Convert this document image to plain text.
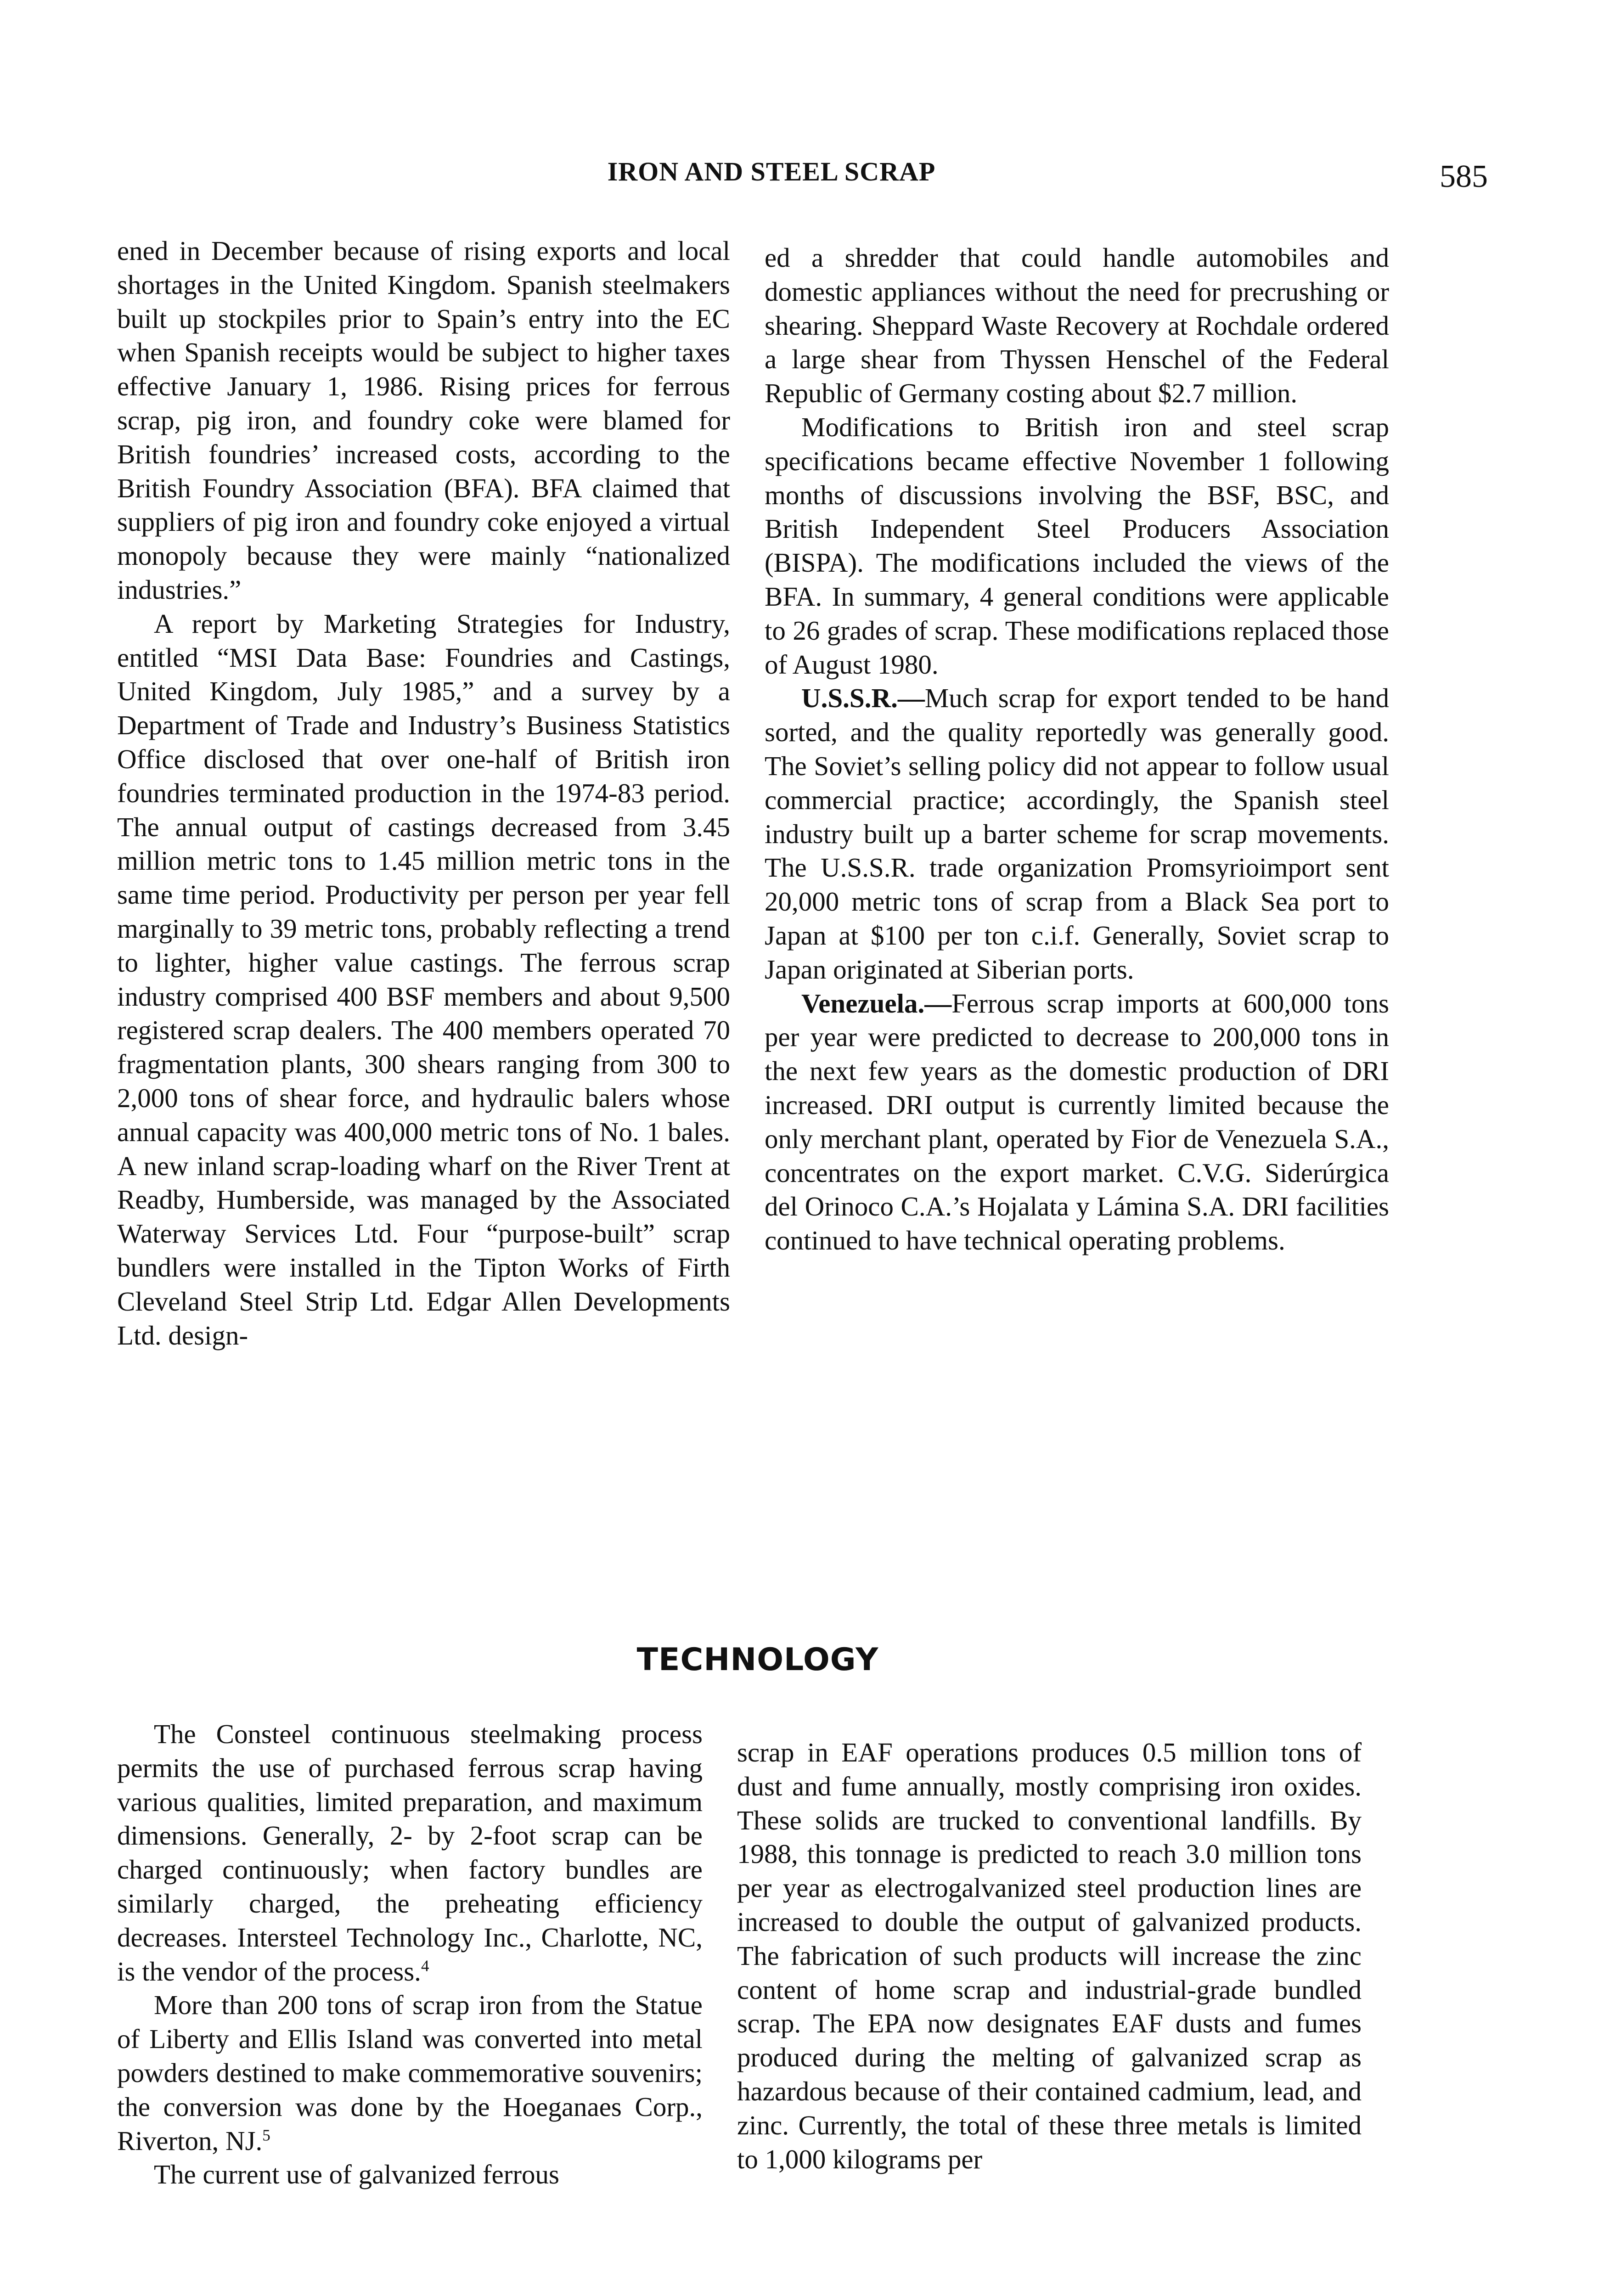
IRON AND STEEL SCRAP	585

ened in December because of rising exports and local shortages in the United Kingdom. Spanish steelmakers built up stockpiles prior to Spain’s entry into the EC when Spanish receipts would be subject to higher taxes effective January 1, 1986. Rising prices for ferrous scrap, pig iron, and foundry coke were blamed for British foundries’ increased costs, according to the British Foundry Association (BFA). BFA claimed that suppliers of pig iron and foundry coke enjoyed a virtual monopoly because they were mainly “nationalized industries.”

A report by Marketing Strategies for Industry, entitled “MSI Data Base: Foundries and Castings, United Kingdom, July 1985,” and a survey by a Department of Trade and Industry’s Business Statistics Office disclosed that over one-half of British iron foundries terminated production in the 1974-83 period. The annual output of castings decreased from 3.45 million metric tons to 1.45 million metric tons in the same time period. Productivity per person per year fell marginally to 39 metric tons, probably reflecting a trend to lighter, higher value castings. The ferrous scrap industry comprised 400 BSF members and about 9,500 registered scrap dealers. The 400 members operated 70 fragmentation plants, 300 shears ranging from 300 to 2,000 tons of shear force, and hydraulic balers whose annual capacity was 400,000 metric tons of No. 1 bales. A new inland scrap-loading wharf on the River Trent at Readby, Humberside, was managed by the Associated Waterway Services Ltd. Four “purpose-built” scrap bundlers were installed in the Tipton Works of Firth Cleveland Steel Strip Ltd. Edgar Allen Developments Ltd. design-

ed a shredder that could handle automobiles and domestic appliances without the need for precrushing or shearing. Sheppard Waste Recovery at Rochdale ordered a large shear from Thyssen Henschel of the Federal Republic of Germany costing about $2.7 million.

Modifications to British iron and steel scrap specifications became effective November 1 following months of discussions involving the BSF, BSC, and British Independent Steel Producers Association (BISPA). The modifications included the views of the BFA. In summary, 4 general conditions were applicable to 26 grades of scrap. These modifications replaced those of August 1980.

U.S.S.R.—Much scrap for export tended to be hand sorted, and the quality reportedly was generally good. The Soviet’s selling policy did not appear to follow usual commercial practice; accordingly, the Spanish steel industry built up a barter scheme for scrap movements. The U.S.S.R. trade organization Promsyrioimport sent 20,000 metric tons of scrap from a Black Sea port to Japan at $100 per ton c.i.f. Generally, Soviet scrap to Japan originated at Siberian ports.

Venezuela.—Ferrous scrap imports at 600,000 tons per year were predicted to decrease to 200,000 tons in the next few years as the domestic production of DRI increased. DRI output is currently limited because the only merchant plant, operated by Fior de Venezuela S.A., concentrates on the export market. C.V.G. Siderúrgica del Orinoco C.A.’s Hojalata y Lámina S.A. DRI facilities continued to have technical operating problems.

TECHNOLOGY

The Consteel continuous steelmaking process permits the use of purchased ferrous scrap having various qualities, limited preparation, and maximum dimensions. Generally, 2- by 2-foot scrap can be charged continuously; when factory bundles are similarly charged, the preheating efficiency decreases. Intersteel Technology Inc., Charlotte, NC, is the vendor of the process.$^4$

More than 200 tons of scrap iron from the Statue of Liberty and Ellis Island was converted into metal powders destined to make commemorative souvenirs; the conversion was done by the Hoeganaes Corp., Riverton, NJ.$^5$

The current use of galvanized ferrous

scrap in EAF operations produces 0.5 million tons of dust and fume annually, mostly comprising iron oxides. These solids are trucked to conventional landfills. By 1988, this tonnage is predicted to reach 3.0 million tons per year as electrogalvanized steel production lines are increased to double the output of galvanized products. The fabrication of such products will increase the zinc content of home scrap and industrial-grade bundled scrap. The EPA now designates EAF dusts and fumes produced during the melting of galvanized scrap as hazardous because of their contained cadmium, lead, and zinc. Currently, the total of these three metals is limited to 1,000 kilograms per
